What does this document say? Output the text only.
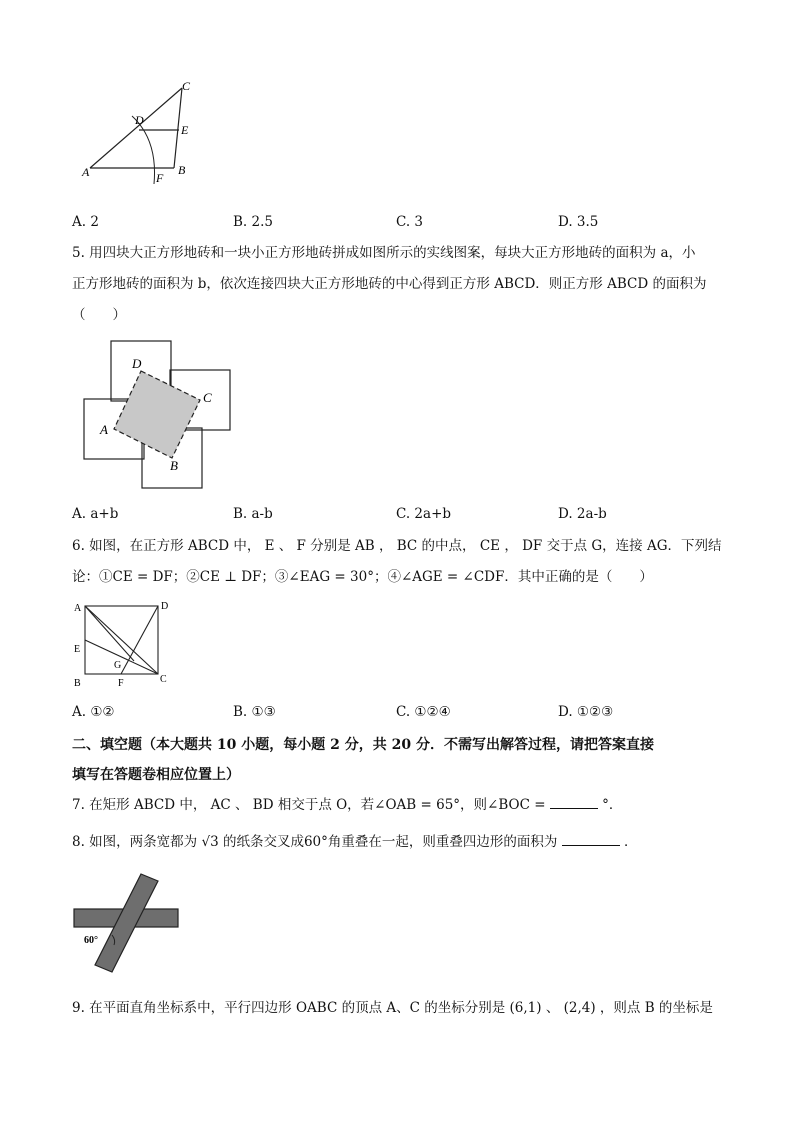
C
D
E
A	F
B
A. 2	B. 2.5	C. 3	D. 3.5
5. 用四块大正方形地砖和一块小正方形地砖拼成如图所示的实线图案，每块大正方形地砖的面积为 a，小
正方形地砖的面积为 b，依次连接四块大正方形地砖的中心得到正方形 ABCD．则正方形 ABCD 的面积为
（　　）
D
C
A
B
A. a+b	B. a-b	C. 2a+b	D. 2a-b
6. 如图，在正方形 ABCD 中， E 、 F 分别是 AB ， BC 的中点， CE ， DF 交于点 G，连接 AG．下列结
论：①CE = DF；②CE ⊥ DF；③∠EAG = 30°；④∠AGE = ∠CDF．其中正确的是（　　）
A	D
E
G
B	F	C
A. ①②	B. ①③	C. ①②④	D. ①②③
二、填空题（本大题共 10 小题，每小题 2 分，共 20 分．不需写出解答过程，请把答案直接
填写在答题卷相应位置上）
7. 在矩形 ABCD 中， AC 、 BD 相交于点 O，若∠OAB = 65°，则∠BOC =	°．
8. 如图，两条宽都为 √3 的纸条交叉成60°角重叠在一起，则重叠四边形的面积为	．
60°
9. 在平面直角坐标系中，平行四边形 OABC 的顶点 A、C 的坐标分别是 (6,1) 、 (2,4) ，则点 B 的坐标是
